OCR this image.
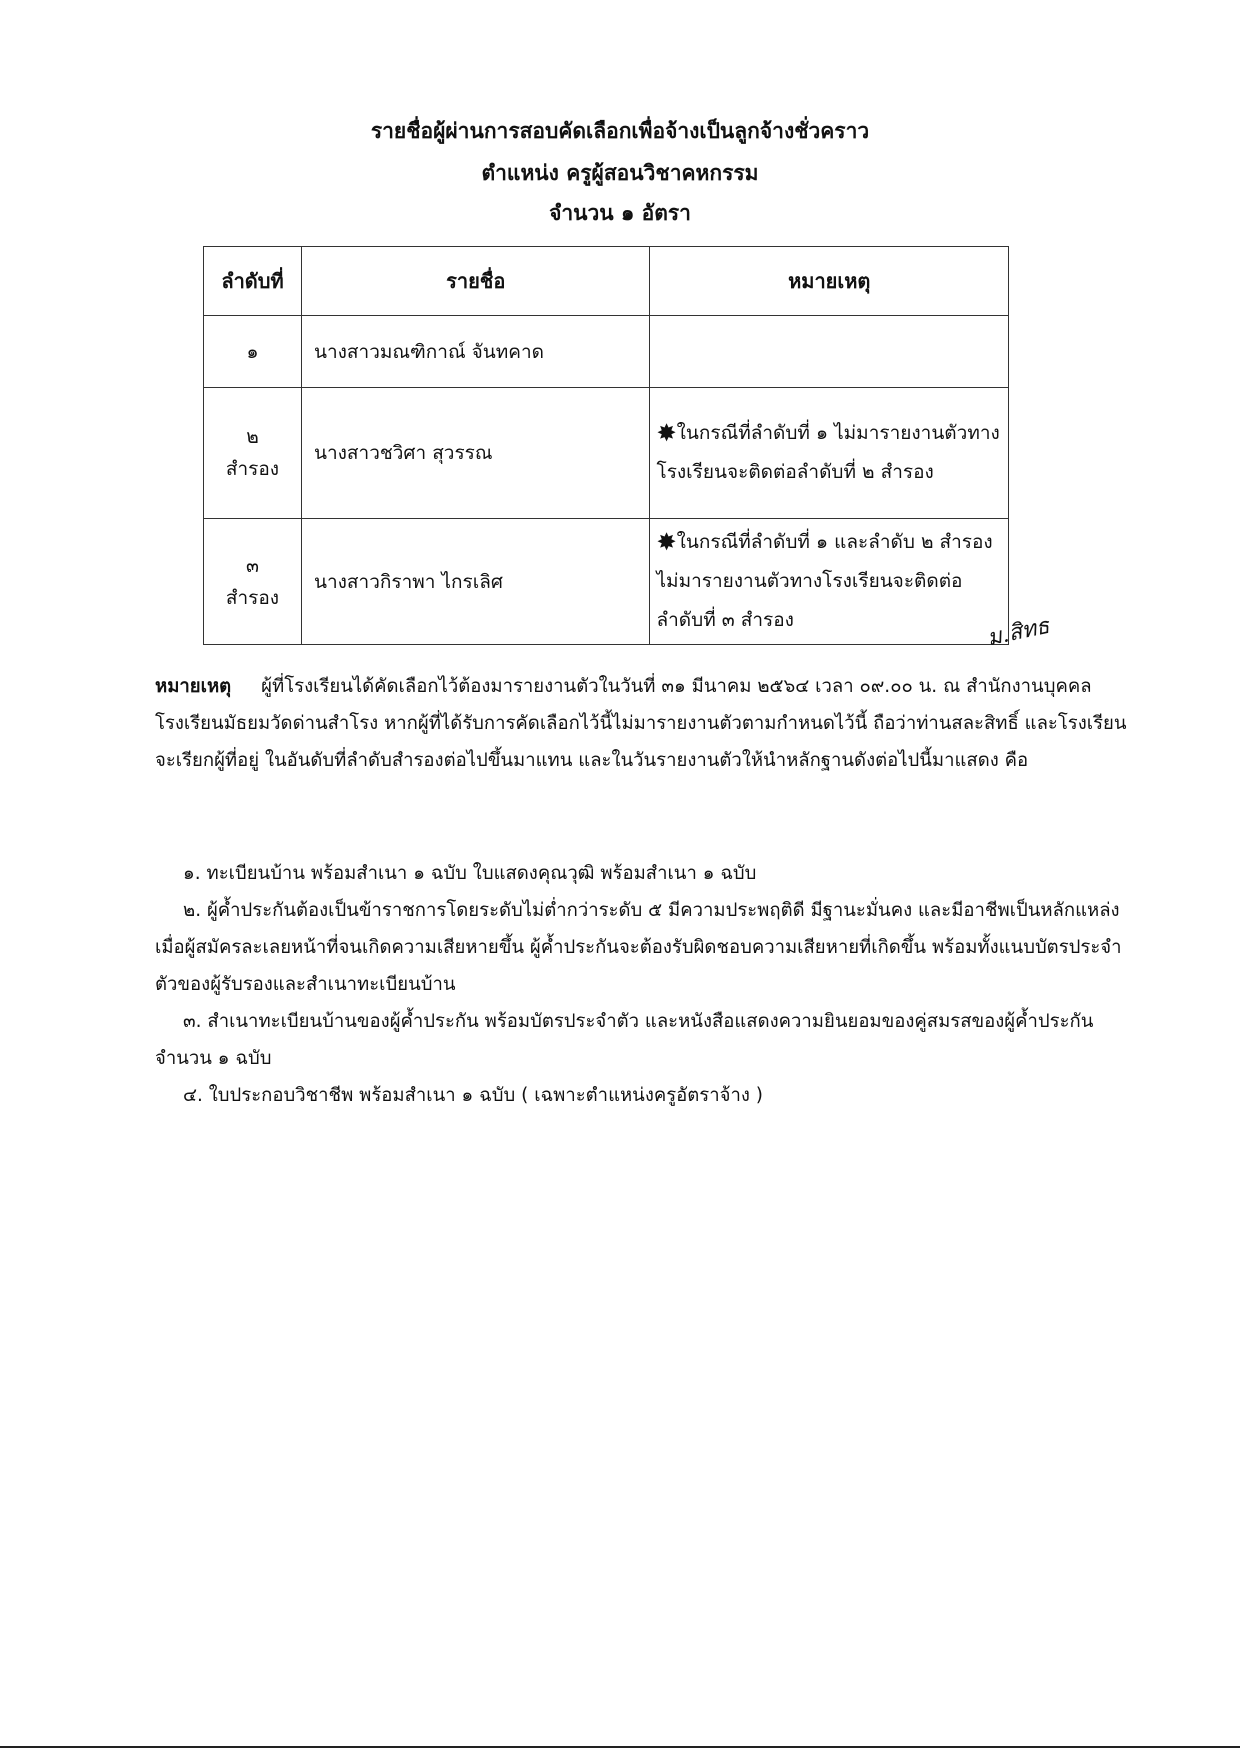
รายชื่อผู้ผ่านการสอบคัดเลือกเพื่อจ้างเป็นลูกจ้างชั่วคราว
ตำแหน่ง ครูผู้สอนวิชาคหกรรม
จำนวน ๑ อัตรา
ลำดับที่	รายชื่อ	หมายเหตุ

๑	นางสาวมณฑิกาณ์ จันทคาด	

๒
สำรอง	นางสาวชวิศา สุวรรณ	✸ในกรณีที่ลำดับที่ ๑ ไม่มารายงานตัวทางโรงเรียนจะติดต่อลำดับที่ ๒ สำรอง

๓
สำรอง	นางสาวกิราพา ไกรเลิศ	✸ในกรณีที่ลำดับที่ ๑ และลำดับ ๒ สำรอง ไม่มารายงานตัวทางโรงเรียนจะติดต่อลำดับที่ ๓ สำรอง ม.สิทธ

หมายเหตุ ผู้ที่โรงเรียนได้คัดเลือกไว้ต้องมารายงานตัวในวันที่ ๓๑ มีนาคม ๒๕๖๔ เวลา ๐๙.๐๐ น. ณ สำนักงานบุคคล โรงเรียนมัธยมวัดด่านสำโรง หากผู้ที่ได้รับการคัดเลือกไว้นี้ไม่มารายงานตัวตามกำหนดไว้นี้ ถือว่าท่านสละสิทธิ์ และโรงเรียนจะเรียกผู้ที่อยู่ ในอันดับที่ลำดับสำรองต่อไปขึ้นมาแทน และในวันรายงานตัวให้นำหลักฐานดังต่อไปนี้มาแสดง คือ

๑. ทะเบียนบ้าน พร้อมสำเนา ๑ ฉบับ ใบแสดงคุณวุฒิ พร้อมสำเนา ๑ ฉบับ

๒. ผู้ค้ำประกันต้องเป็นข้าราชการโดยระดับไม่ต่ำกว่าระดับ ๕ มีความประพฤติดี มีฐานะมั่นคง และมีอาชีพเป็นหลักแหล่งเมื่อผู้สมัครละเลยหน้าที่จนเกิดความเสียหายขึ้น ผู้ค้ำประกันจะต้องรับผิดชอบความเสียหายที่เกิดขึ้น พร้อมทั้งแนบบัตรประจำตัวของผู้รับรองและสำเนาทะเบียนบ้าน

๓. สำเนาทะเบียนบ้านของผู้ค้ำประกัน พร้อมบัตรประจำตัว และหนังสือแสดงความยินยอมของคู่สมรสของผู้ค้ำประกัน จำนวน ๑ ฉบับ

๔. ใบประกอบวิชาชีพ พร้อมสำเนา ๑ ฉบับ ( เฉพาะตำแหน่งครูอัตราจ้าง )
